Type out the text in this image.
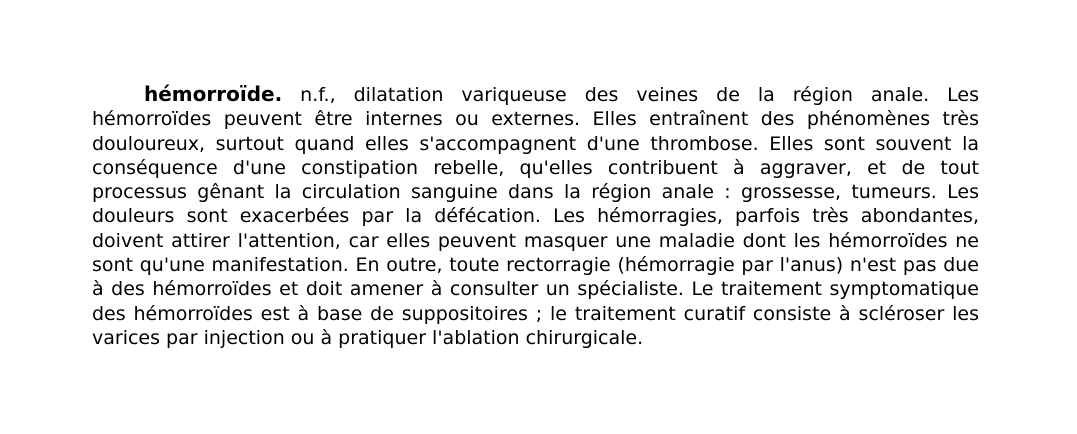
hémorroïde. n.f., dilatation variqueuse des veines de la région anale. Les hémorroïdes peuvent être internes ou externes. Elles entraînent des phénomènes très douloureux, surtout quand elles s'accompagnent d'une thrombose. Elles sont souvent la conséquence d'une constipation rebelle, qu'elles contribuent à aggraver, et de tout processus gênant la circulation sanguine dans la région anale : grossesse, tumeurs. Les douleurs sont exacerbées par la défécation. Les hémorragies, parfois très abondantes, doivent attirer l'attention, car elles peuvent masquer une maladie dont les hémorroïdes ne sont qu'une manifestation. En outre, toute rectorragie (hémorragie par l'anus) n'est pas due à des hémorroïdes et doit amener à consulter un spécialiste. Le traitement symptomatique des hémorroïdes est à base de suppositoires ; le traitement curatif consiste à scléroser les varices par injection ou à pratiquer l'ablation chirurgicale.
